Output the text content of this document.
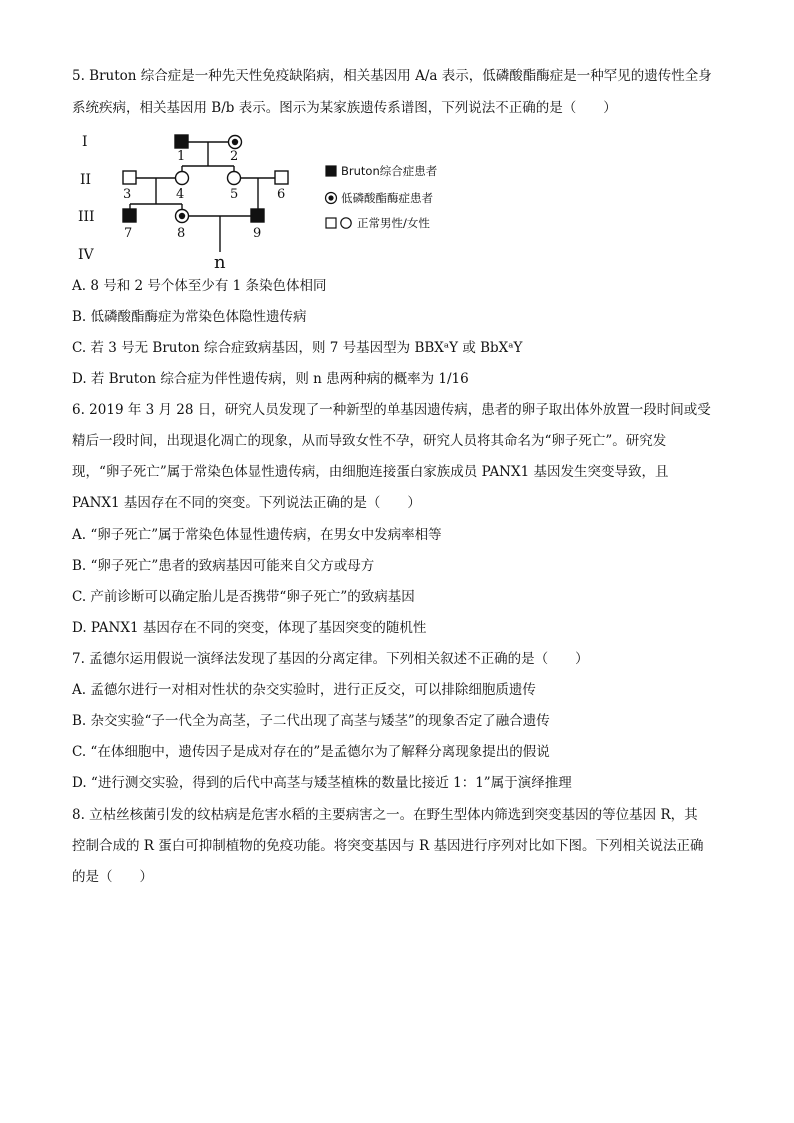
5. Bruton 综合症是一种先天性免疫缺陷病，相关基因用 A/a 表示，低磷酸酯酶症是一种罕见的遗传性全身
系统疾病，相关基因用 B/b 表示。图示为某家族遗传系谱图，下列说法不正确的是（　　）
I
II
III
IV
1	2
3	4	5	6
7	8	9
n
Bruton综合症患者
低磷酸酯酶症患者
正常男性/女性
A. 8 号和 2 号个体至少有 1 条染色体相同
B. 低磷酸酯酶症为常染色体隐性遗传病
C. 若 3 号无 Bruton 综合症致病基因，则 7 号基因型为 BBXᵃY 或 BbXᵃY
D. 若 Bruton 综合症为伴性遗传病，则 n 患两种病的概率为 1/16
6. 2019 年 3 月 28 日，研究人员发现了一种新型的单基因遗传病，患者的卵子取出体外放置一段时间或受
精后一段时间，出现退化凋亡的现象，从而导致女性不孕，研究人员将其命名为“卵子死亡”。研究发
现，“卵子死亡”属于常染色体显性遗传病，由细胞连接蛋白家族成员 PANX1 基因发生突变导致，且
PANX1 基因存在不同的突变。下列说法正确的是（　　）
A. “卵子死亡”属于常染色体显性遗传病，在男女中发病率相等
B. “卵子死亡”患者的致病基因可能来自父方或母方
C. 产前诊断可以确定胎儿是否携带“卵子死亡”的致病基因
D. PANX1 基因存在不同的突变，体现了基因突变的随机性
7. 孟德尔运用假说一演绎法发现了基因的分离定律。下列相关叙述不正确的是（　　）
A. 孟德尔进行一对相对性状的杂交实验时，进行正反交，可以排除细胞质遗传
B. 杂交实验“子一代全为高茎，子二代出现了高茎与矮茎”的现象否定了融合遗传
C. “在体细胞中，遗传因子是成对存在的”是孟德尔为了解释分离现象提出的假说
D. “进行测交实验，得到的后代中高茎与矮茎植株的数量比接近 1：1”属于演绎推理
8. 立枯丝核菌引发的纹枯病是危害水稻的主要病害之一。在野生型体内筛选到突变基因的等位基因 R，其
控制合成的 R 蛋白可抑制植物的免疫功能。将突变基因与 R 基因进行序列对比如下图。下列相关说法正确
的是（　　）
